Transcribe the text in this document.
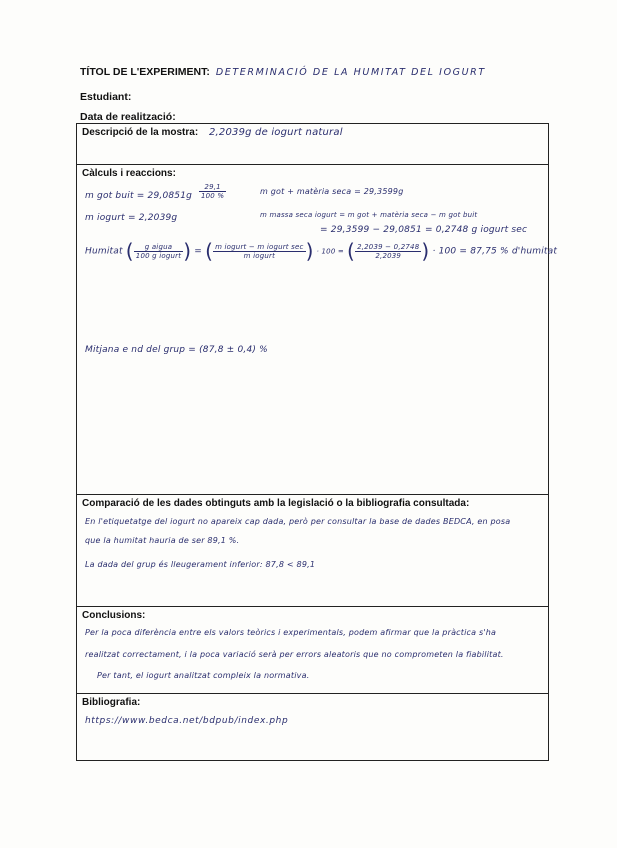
TÍTOL DE L'EXPERIMENT: DETERMINACIÓ DE LA HUMITAT DEL IOGURT
Estudiant:
Data de realització:
Descripció de la mostra: 2,2039g de iogurt natural
Càlculs i reaccions:
m got buit = $29,0851g \frac{29,1}{100 \%}$	m got + matèria seca = 29,3599g
m iogurt = 2,2039g	m massa seca iogurt = m got + matèria seca − m got buit
= 29,3599 − 29,0851 = 0,2748 g iogurt sec
Humitat ( $\frac{\text{g aigua}}{\text{100 g iogurt}}$ ) = ( $\frac{\text{m iogurt − m iogurt sec}}{\text{m iogurt}}$ ) · 100 = ( $\frac{2,2039 - 0,2748}{2,2039}$ ) · 100 = 87,75 % d'humitat
Mitjana e nd del grup = (87,8 ± 0,4) %
Comparació de les dades obtinguts amb la legislació o la bibliografia consultada:
En l'etiquetatge del iogurt no apareix cap dada, però per consultar la base de dades BEDCA, en posa
que la humitat hauria de ser 89,1 %.
La dada del grup és lleugerament inferior: 87,8 < 89,1
Conclusions:
Per la poca diferència entre els valors teòrics i experimentals, podem afirmar que la pràctica s'ha
realitzat correctament, i la poca variació serà per errors aleatoris que no comprometen la fiabilitat.
Per tant, el iogurt analitzat compleix la normativa.
Bibliografia:
https://www.bedca.net/bdpub/index.php
